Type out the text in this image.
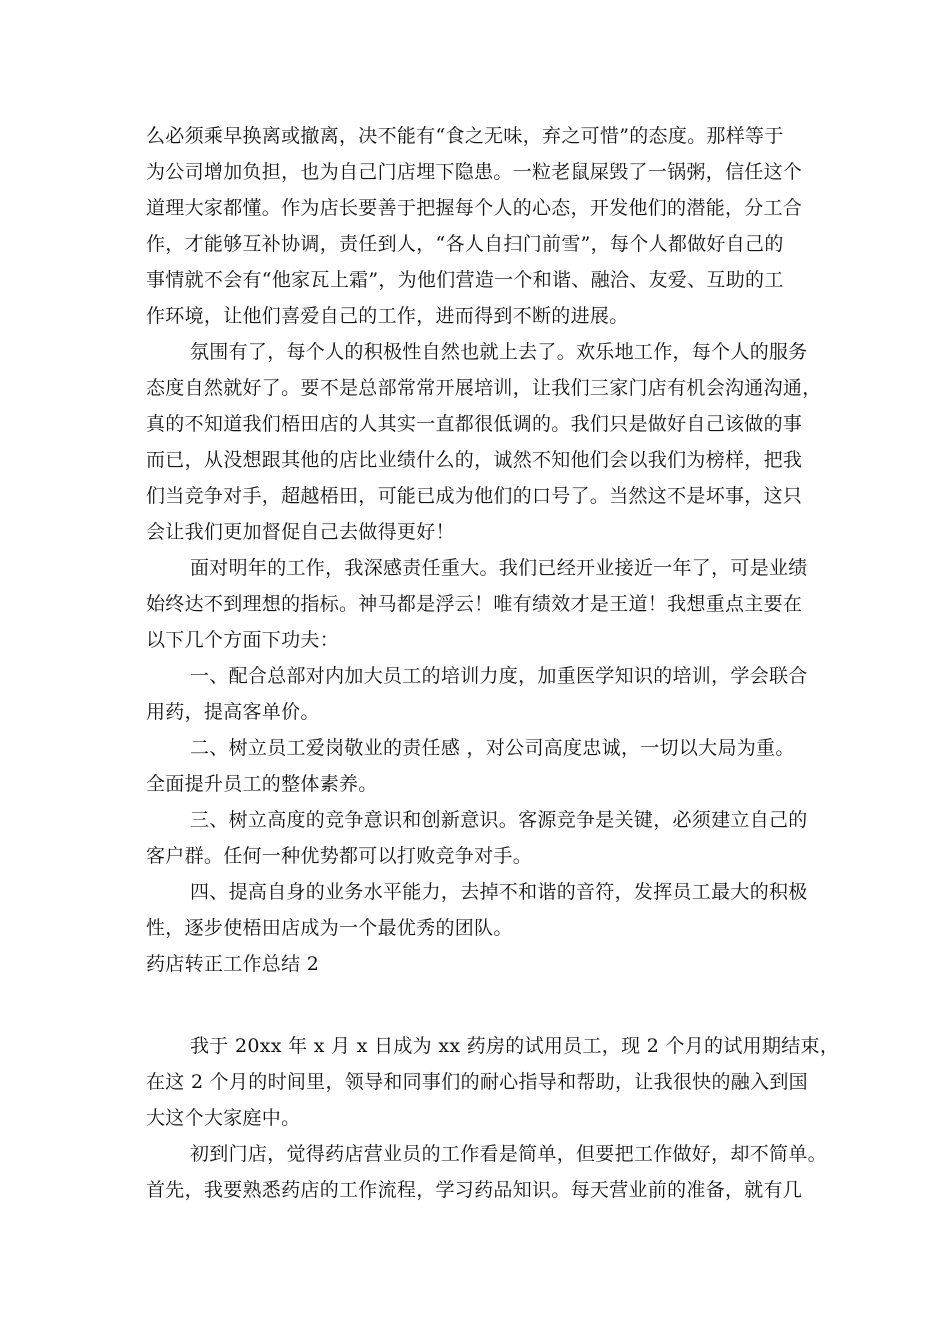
么必须乘早换离或撤离，决不能有“食之无味，弃之可惜”的态度。那样等于
为公司增加负担，也为自己门店埋下隐患。一粒老鼠屎毁了一锅粥，信任这个
道理大家都懂。作为店长要善于把握每个人的心态，开发他们的潜能，分工合
作，才能够互补协调，责任到人，“各人自扫门前雪”，每个人都做好自己的
事情就不会有“他家瓦上霜”，为他们营造一个和谐、融洽、友爱、互助的工
作环境，让他们喜爱自己的工作，进而得到不断的进展。
氛围有了，每个人的积极性自然也就上去了。欢乐地工作，每个人的服务
态度自然就好了。要不是总部常常开展培训，让我们三家门店有机会沟通沟通，
真的不知道我们梧田店的人其实一直都很低调的。我们只是做好自己该做的事
而已，从没想跟其他的店比业绩什么的，诚然不知他们会以我们为榜样，把我
们当竞争对手，超越梧田，可能已成为他们的口号了。当然这不是坏事，这只
会让我们更加督促自己去做得更好！
面对明年的工作，我深感责任重大。我们已经开业接近一年了，可是业绩
始终达不到理想的指标。神马都是浮云！唯有绩效才是王道！我想重点主要在
以下几个方面下功夫：
一、配合总部对内加大员工的培训力度，加重医学知识的培训，学会联合
用药，提高客单价。
二、树立员工爱岗敬业的责任感 ，对公司高度忠诚，一切以大局为重。
全面提升员工的整体素养。
三、树立高度的竞争意识和创新意识。客源竞争是关键，必须建立自己的
客户群。任何一种优势都可以打败竞争对手。
四、提高自身的业务水平能力，去掉不和谐的音符，发挥员工最大的积极
性，逐步使梧田店成为一个最优秀的团队。
药店转正工作总结 2
我于 20xx 年 x 月 x 日成为 xx 药房的试用员工，现 2 个月的试用期结束，
在这 2 个月的时间里，领导和同事们的耐心指导和帮助，让我很快的融入到国
大这个大家庭中。
初到门店，觉得药店营业员的工作看是简单，但要把工作做好，却不简单。
首先，我要熟悉药店的工作流程，学习药品知识。每天营业前的准备，就有几
